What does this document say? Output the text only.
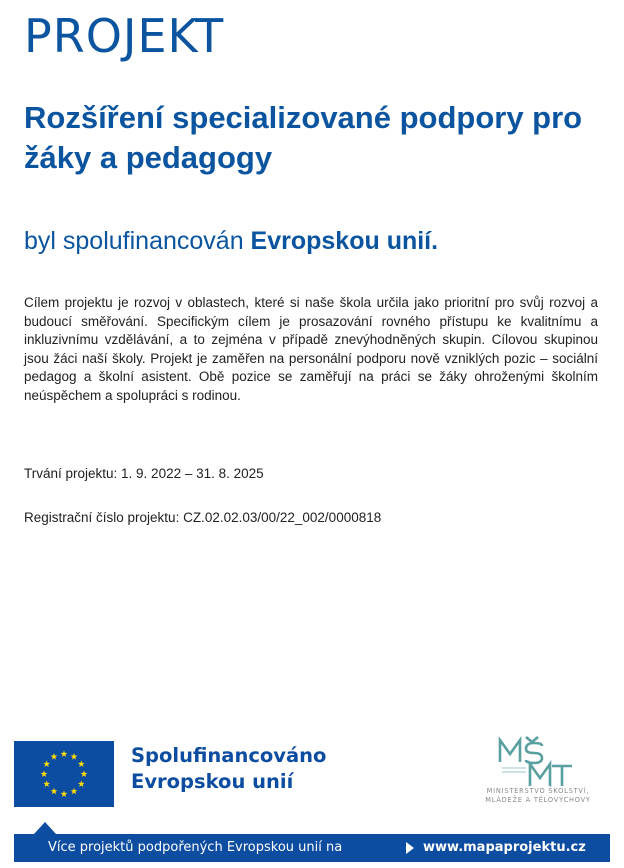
PROJEKT
Rozšíření specializované podpory pro žáky a pedagogy
byl spolufinancován Evropskou unií.

Cílem projektu je rozvoj v oblastech, které si naše škola určila jako prioritní pro svůj rozvoj a budoucí směřování. Specifickým cílem je prosazování rovného přístupu ke kvalitnímu a inkluzivnímu vzdělávání, a to zejména v případě znevýhodněných skupin. Cílovou skupinou jsou žáci naší školy. Projekt je zaměřen na personální podporu nově vzniklých pozic – sociální pedagog a školní asistent. Obě pozice se zaměřují na práci se žáky ohroženými školním neúspěchem a spolupráci s rodinou.

Trvání projektu: 1. 9. 2022 – 31. 8. 2025

Registrační číslo projektu: CZ.02.02.03/00/22_002/0000818

Spolufinancováno
Evropskou unií	MINISTERSTVO ŠKOLSTVÍ,
MLÁDEŽE A TĚLOVÝCHOVY
Více projektů podpořených Evropskou unií na	www.mapaprojektu.cz
